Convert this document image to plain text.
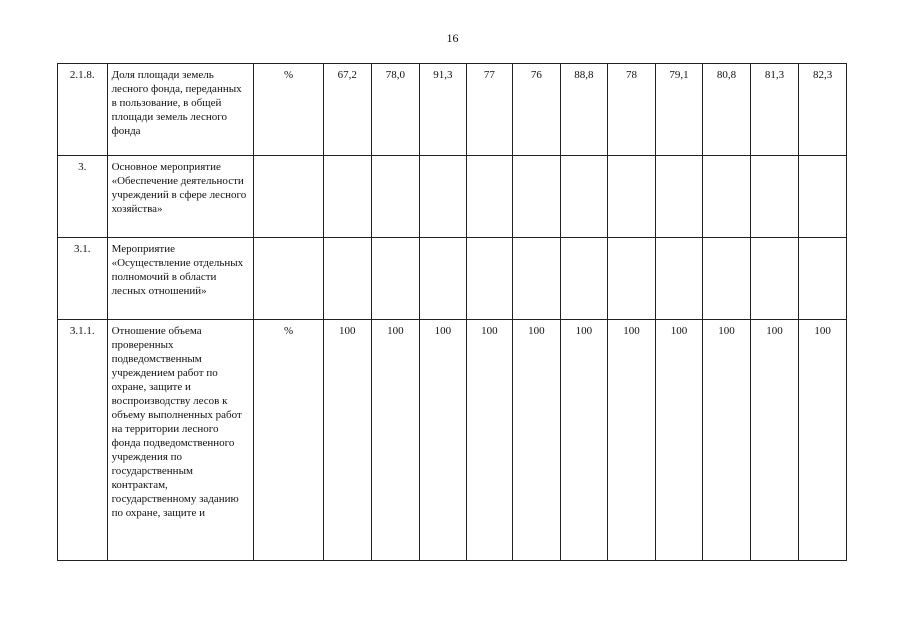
16
2.1.8.	Доля площади земель лесного фонда, переданных в пользование, в общей площади земель лесного фонда	%	67,2	78,0	91,3	77	76	88,8	78	79,1	80,8	81,3	82,3
3.	Основное мероприятие «Обеспечение деятельности учреждений в сфере лесного хозяйства»												
3.1.	Мероприятие «Осуществление отдельных полномочий в области лесных отношений»												
3.1.1.	Отношение объема проверенных подведомственным учреждением работ по охране, защите и воспроизводству лесов к объему выполненных работ на территории лесного фонда подведомственного учреждения по государственным контрактам, государственному заданию по охране, защите и	%	100	100	100	100	100	100	100	100	100	100	100
